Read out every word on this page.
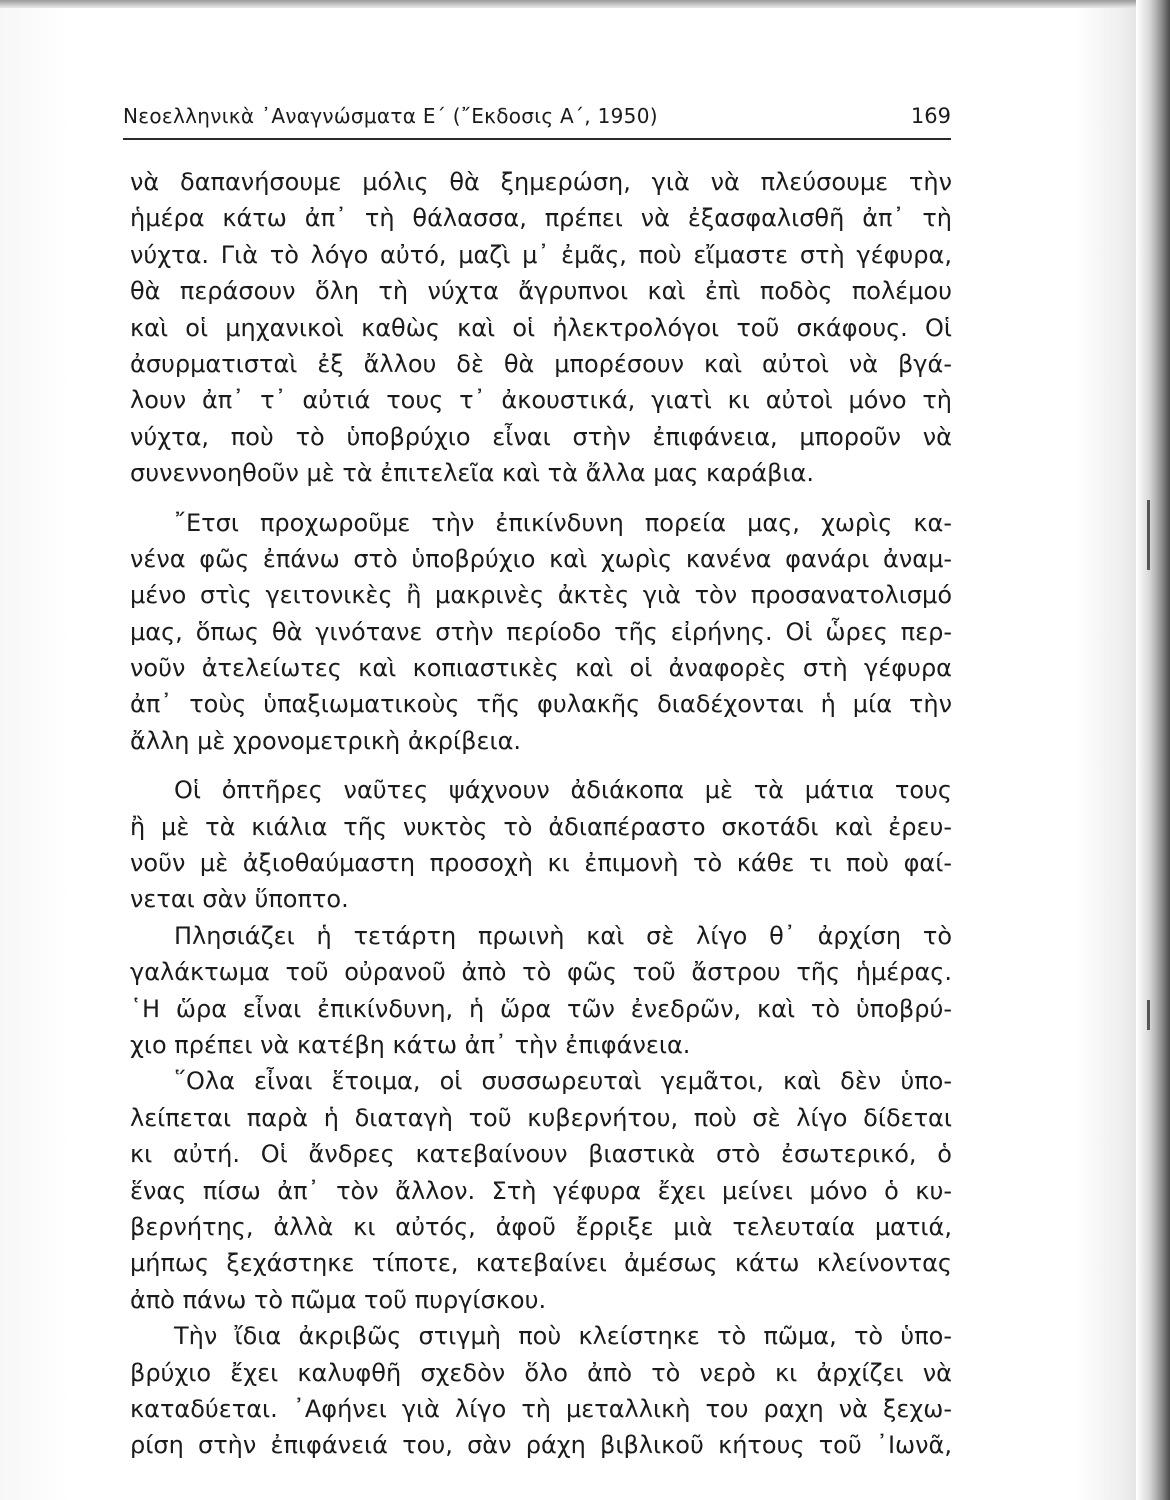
Νεοελληνικὰ ᾿Αναγνώσματα Ε΄ (῎Εκδοσις Α΄, 1950)	169
νὰ δαπανήσουμε μόλις θὰ ξημερώση, γιὰ νὰ πλεύσουμε τὴν
ἡμέρα κάτω ἀπ᾿ τὴ θάλασσα, πρέπει νὰ ἐξασφαλισθῆ ἀπ᾿ τὴ
νύχτα. Γιὰ τὸ λόγο αὐτό, μαζὶ μ᾿ ἐμᾶς, ποὺ εἴμαστε στὴ γέφυρα,
θὰ περάσουν ὅλη τὴ νύχτα ἄγρυπνοι καὶ ἐπὶ ποδὸς πολέμου
καὶ οἱ μηχανικοὶ καθὼς καὶ οἱ ἠλεκτρολόγοι τοῦ σκάφους. Οἱ
ἀσυρματισταὶ ἐξ ἄλλου δὲ θὰ μπορέσουν καὶ αὐτοὶ νὰ βγά-
λουν ἀπ᾿ τ᾿ αὐτιά τους τ᾿ ἀκουστικά, γιατὶ κι αὐτοὶ μόνο τὴ
νύχτα, ποὺ τὸ ὑποβρύχιο εἶναι στὴν ἐπιφάνεια, μποροῦν νὰ
συνεννοηθοῦν μὲ τὰ ἐπιτελεῖα καὶ τὰ ἄλλα μας καράβια.
῎Ετσι προχωροῦμε τὴν ἐπικίνδυνη πορεία μας, χωρὶς κα-
νένα φῶς ἐπάνω στὸ ὑποβρύχιο καὶ χωρὶς κανένα φανάρι ἀναμ-
μένο στὶς γειτονικὲς ἢ μακρινὲς ἀκτὲς γιὰ τὸν προσανατολισμό
μας, ὅπως θὰ γινότανε στὴν περίοδο τῆς εἰρήνης. Οἱ ὧρες περ-
νοῦν ἀτελείωτες καὶ κοπιαστικὲς καὶ οἱ ἀναφορὲς στὴ γέφυρα
ἀπ᾿ τοὺς ὑπαξιωματικοὺς τῆς φυλακῆς διαδέχονται ἡ μία τὴν
ἄλλη μὲ χρονομετρικὴ ἀκρίβεια.
Οἱ ὀπτῆρες ναῦτες ψάχνουν ἀδιάκοπα μὲ τὰ μάτια τους
ἢ μὲ τὰ κιάλια τῆς νυκτὸς τὸ ἀδιαπέραστο σκοτάδι καὶ ἐρευ-
νοῦν μὲ ἀξιοθαύμαστη προσοχὴ κι ἐπιμονὴ τὸ κάθε τι ποὺ φαί-
νεται σὰν ὕποπτο.
Πλησιάζει ἡ τετάρτη πρωινὴ καὶ σὲ λίγο θ᾿ ἀρχίση τὸ
γαλάκτωμα τοῦ οὐρανοῦ ἀπὸ τὸ φῶς τοῦ ἄστρου τῆς ἡμέρας.
῾Η ὥρα εἶναι ἐπικίνδυνη, ἡ ὥρα τῶν ἐνεδρῶν, καὶ τὸ ὑποβρύ-
χιο πρέπει νὰ κατέβη κάτω ἀπ᾿ τὴν ἐπιφάνεια.
῞Ολα εἶναι ἕτοιμα, οἱ συσσωρευταὶ γεμᾶτοι, καὶ δὲν ὑπο-
λείπεται παρὰ ἡ διαταγὴ τοῦ κυβερνήτου, ποὺ σὲ λίγο δίδεται
κι αὐτή. Οἱ ἄνδρες κατεβαίνουν βιαστικὰ στὸ ἐσωτερικό, ὁ
ἕνας πίσω ἀπ᾿ τὸν ἄλλον. Στὴ γέφυρα ἔχει μείνει μόνο ὁ κυ-
βερνήτης, ἀλλὰ κι αὐτός, ἀφοῦ ἔρριξε μιὰ τελευταία ματιά,
μήπως ξεχάστηκε τίποτε, κατεβαίνει ἀμέσως κάτω κλείνοντας
ἀπὸ πάνω τὸ πῶμα τοῦ πυργίσκου.
Τὴν ἴδια ἀκριβῶς στιγμὴ ποὺ κλείστηκε τὸ πῶμα, τὸ ὑπο-
βρύχιο ἔχει καλυφθῆ σχεδὸν ὅλο ἀπὸ τὸ νερὸ κι ἀρχίζει νὰ
καταδύεται. ᾿Αφήνει γιὰ λίγο τὴ μεταλλικὴ του ραχη νὰ ξεχω-
ρίση στὴν ἐπιφάνειά του, σὰν ράχη βιβλικοῦ κήτους τοῦ ᾿Ιωνᾶ,
